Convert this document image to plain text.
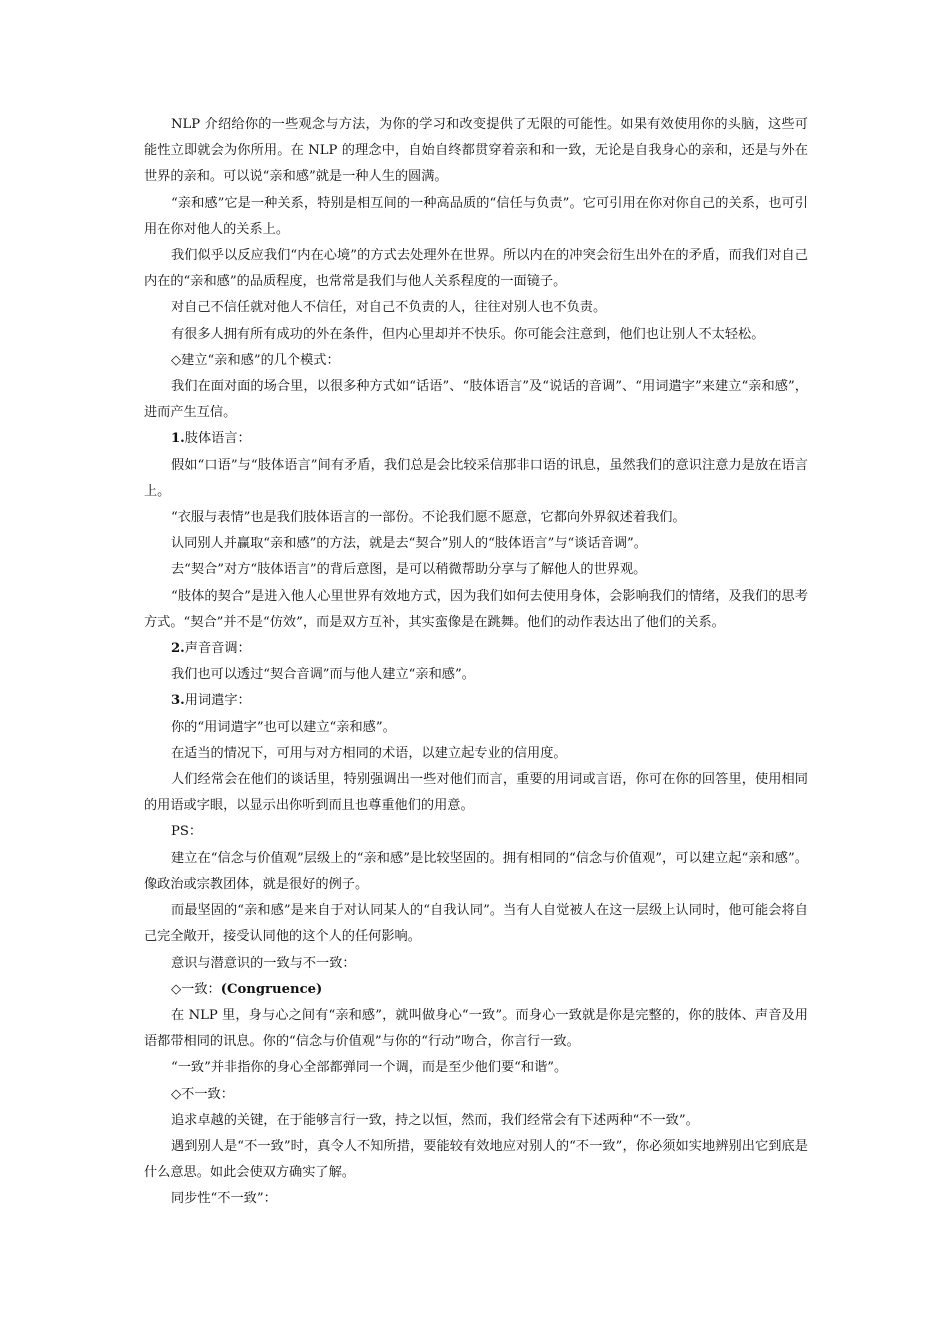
NLP 介绍给你的一些观念与方法，为你的学习和改变提供了无限的可能性。如果有效使用你的头脑，这些可能性立即就会为你所用。在 NLP 的理念中，自始自终都贯穿着亲和和一致，无论是自我身心的亲和，还是与外在世界的亲和。可以说“亲和感”就是一种人生的圆满。

“亲和感”它是一种关系，特别是相互间的一种高品质的“信任与负责”。它可引用在你对你自己的关系，也可引用在你对他人的关系上。

我们似乎以反应我们“内在心境”的方式去处理外在世界。所以内在的冲突会衍生出外在的矛盾，而我们对自己内在的“亲和感”的品质程度，也常常是我们与他人关系程度的一面镜子。

对自己不信任就对他人不信任，对自己不负责的人，往往对别人也不负责。

有很多人拥有所有成功的外在条件，但内心里却并不快乐。你可能会注意到，他们也让别人不太轻松。

◇建立“亲和感”的几个模式：

我们在面对面的场合里，以很多种方式如“话语”、“肢体语言”及“说话的音调”、“用词遣字”来建立“亲和感”，进而产生互信。

1.肢体语言：

假如“口语”与“肢体语言”间有矛盾，我们总是会比较采信那非口语的讯息，虽然我们的意识注意力是放在语言上。

“衣服与表情”也是我们肢体语言的一部份。不论我们愿不愿意，它都向外界叙述着我们。

认同别人并赢取“亲和感”的方法，就是去“契合”别人的“肢体语言”与“谈话音调”。

去“契合”对方“肢体语言”的背后意图，是可以稍微帮助分享与了解他人的世界观。

“肢体的契合”是进入他人心里世界有效地方式，因为我们如何去使用身体，会影响我们的情绪，及我们的思考方式。“契合”并不是“仿效”，而是双方互补，其实蛮像是在跳舞。他们的动作表达出了他们的关系。

2.声音音调：

我们也可以透过“契合音调”而与他人建立“亲和感”。

3.用词遣字：

你的“用词遣字”也可以建立“亲和感”。

在适当的情况下，可用与对方相同的术语，以建立起专业的信用度。

人们经常会在他们的谈话里，特别强调出一些对他们而言，重要的用词或言语，你可在你的回答里，使用相同的用语或字眼，以显示出你听到而且也尊重他们的用意。

PS：

建立在“信念与价值观”层级上的“亲和感”是比较坚固的。拥有相同的“信念与价值观”，可以建立起“亲和感”。像政治或宗教团体，就是很好的例子。

而最坚固的“亲和感”是来自于对认同某人的“自我认同”。当有人自觉被人在这一层级上认同时，他可能会将自己完全敞开，接受认同他的这个人的任何影响。

意识与潜意识的一致与不一致：

◇一致：(Congruence)

在 NLP 里，身与心之间有“亲和感”，就叫做身心“一致”。而身心一致就是你是完整的，你的肢体、声音及用语都带相同的讯息。你的“信念与价值观”与你的“行动”吻合，你言行一致。

“一致”并非指你的身心全部都弹同一个调，而是至少他们要“和谐”。

◇不一致：

追求卓越的关键，在于能够言行一致，持之以恒，然而，我们经常会有下述两种“不一致”。

遇到别人是“不一致”时，真令人不知所措，要能较有效地应对别人的“不一致”，你必须如实地辨别出它到底是什么意思。如此会使双方确实了解。

同步性“不一致”：
